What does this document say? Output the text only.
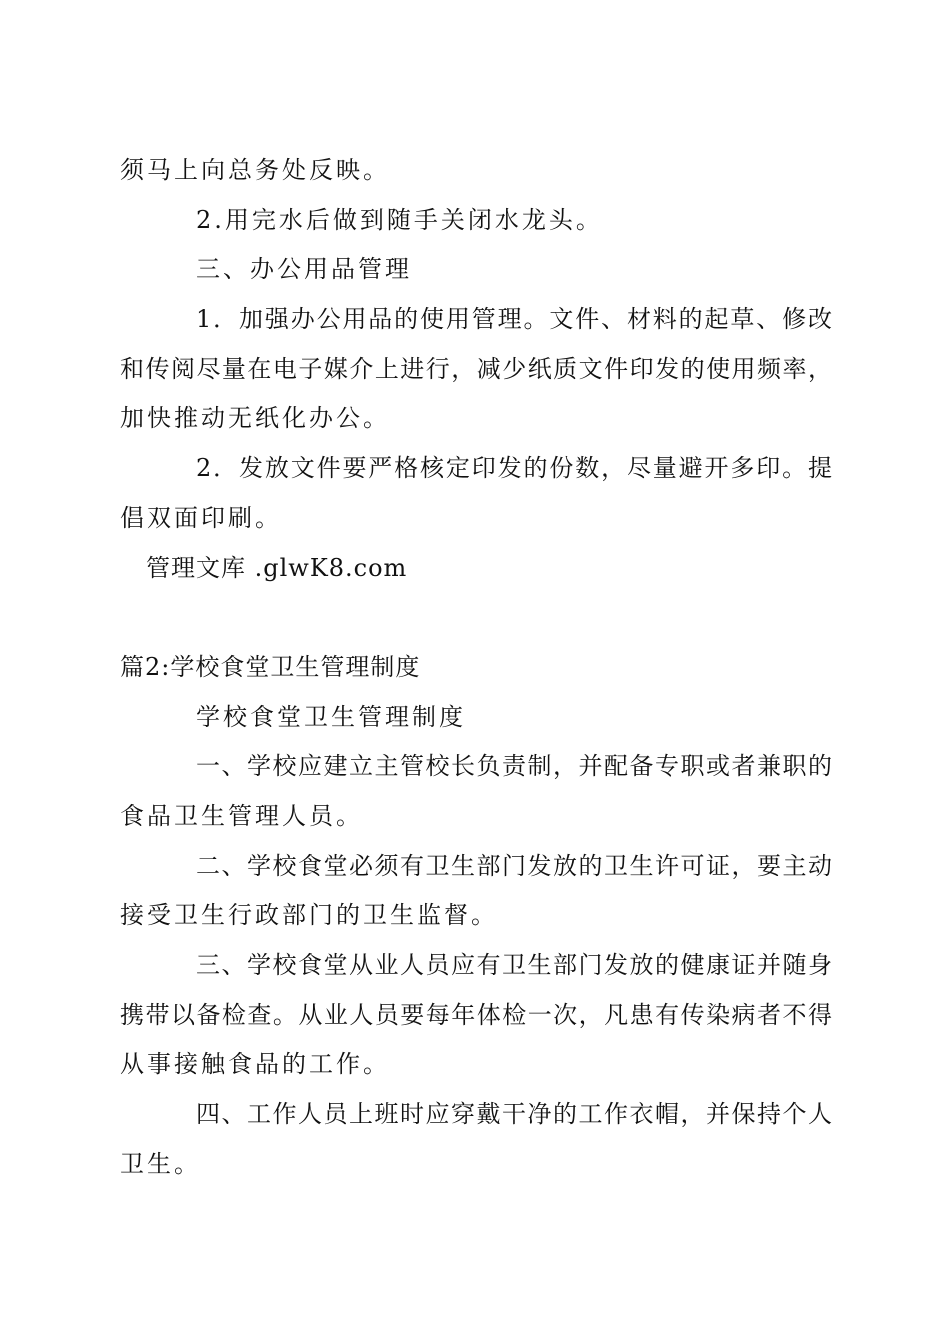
须马上向总务处反映。
2.用完水后做到随手关闭水龙头。
三、办公用品管理
1．加强办公用品的使用管理。文件、材料的起草、修改
和传阅尽量在电子媒介上进行，减少纸质文件印发的使用频率，
加快推动无纸化办公。
2．发放文件要严格核定印发的份数，尽量避开多印。提
倡双面印刷。
管理文库 .glwK8.com
篇2:学校食堂卫生管理制度
学校食堂卫生管理制度
一、学校应建立主管校长负责制，并配备专职或者兼职的
食品卫生管理人员。
二、学校食堂必须有卫生部门发放的卫生许可证，要主动
接受卫生行政部门的卫生监督。
三、学校食堂从业人员应有卫生部门发放的健康证并随身
携带以备检查。从业人员要每年体检一次，凡患有传染病者不得
从事接触食品的工作。
四、工作人员上班时应穿戴干净的工作衣帽，并保持个人
卫生。
